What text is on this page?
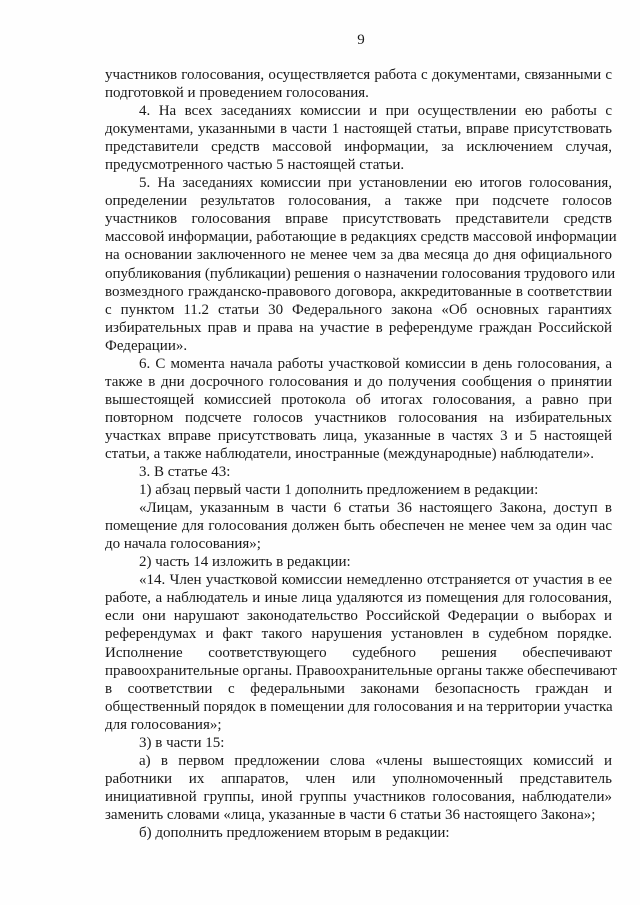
9
участников голосования, осуществляется работа с документами, связанными с
подготовкой и проведением голосования.
4. На всех заседаниях комиссии и при осуществлении ею работы с
документами, указанными в части 1 настоящей статьи, вправе присутствовать
представители средств массовой информации, за исключением случая,
предусмотренного частью 5 настоящей статьи.
5. На заседаниях комиссии при установлении ею итогов голосования,
определении результатов голосования, а также при подсчете голосов
участников голосования вправе присутствовать представители средств
массовой информации, работающие в редакциях средств массовой информации
на основании заключенного не менее чем за два месяца до дня официального
опубликования (публикации) решения о назначении голосования трудового или
возмездного гражданско-правового договора, аккредитованные в соответствии
с пунктом 11.2 статьи 30 Федерального закона «Об основных гарантиях
избирательных прав и права на участие в референдуме граждан Российской
Федерации».
6. С момента начала работы участковой комиссии в день голосования, а
также в дни досрочного голосования и до получения сообщения о принятии
вышестоящей комиссией протокола об итогах голосования, а равно при
повторном подсчете голосов участников голосования на избирательных
участках вправе присутствовать лица, указанные в частях 3 и 5 настоящей
статьи, а также наблюдатели, иностранные (международные) наблюдатели».
3. В статье 43:
1) абзац первый части 1 дополнить предложением в редакции:
«Лицам, указанным в части 6 статьи 36 настоящего Закона, доступ в
помещение для голосования должен быть обеспечен не менее чем за один час
до начала голосования»;
2) часть 14 изложить в редакции:
«14. Член участковой комиссии немедленно отстраняется от участия в ее
работе, а наблюдатель и иные лица удаляются из помещения для голосования,
если они нарушают законодательство Российской Федерации о выборах и
референдумах и факт такого нарушения установлен в судебном порядке.
Исполнение соответствующего судебного решения обеспечивают
правоохранительные органы. Правоохранительные органы также обеспечивают
в соответствии с федеральными законами безопасность граждан и
общественный порядок в помещении для голосования и на территории участка
для голосования»;
3) в части 15:
а) в первом предложении слова «члены вышестоящих комиссий и
работники их аппаратов, член или уполномоченный представитель
инициативной группы, иной группы участников голосования, наблюдатели»
заменить словами «лица, указанные в части 6 статьи 36 настоящего Закона»;
б) дополнить предложением вторым в редакции:
